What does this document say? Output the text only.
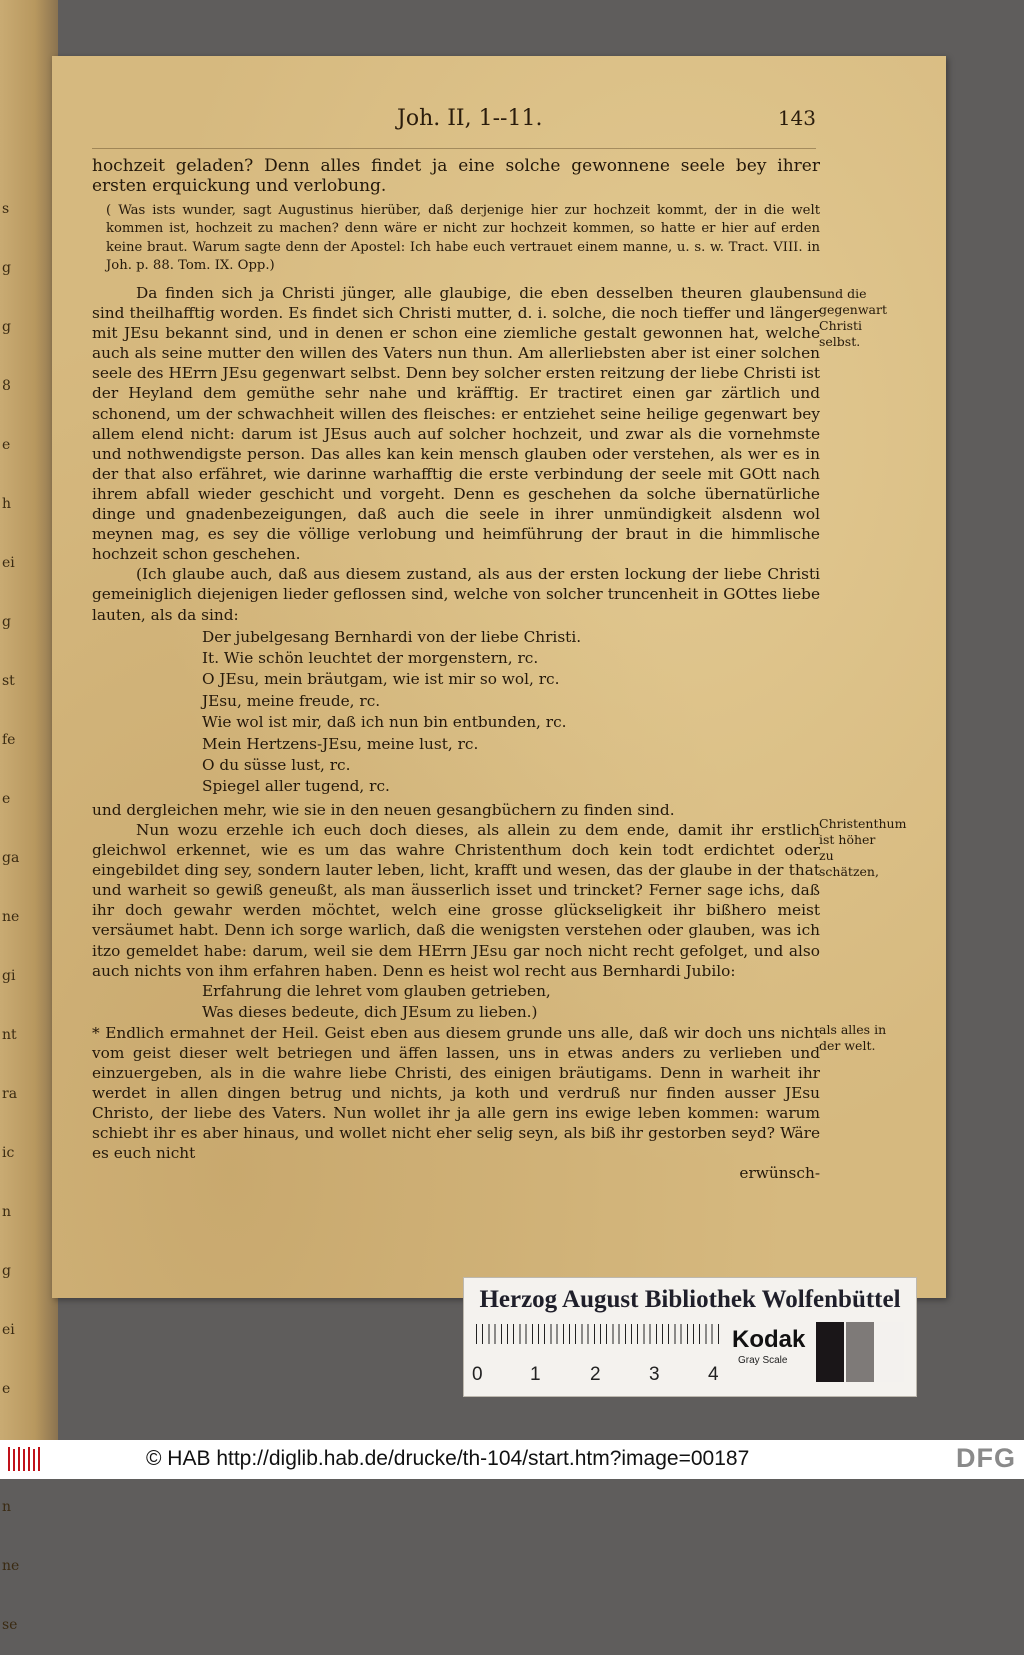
s
g
g
8
e
h
ei
g
st
fe
e
ga
ne
gi
nt
ra
ic
n
g
ei
e
n
ne
se
Joh. II, 1--11.	143

hochzeit geladen? Denn alles findet ja eine solche gewonnene seele bey ihrer ersten erquickung und verlobung.

( Was ists wunder, sagt Augustinus hierüber, daß derjenige hier zur hochzeit kommt, der in die welt kommen ist, hochzeit zu machen? denn wäre er nicht zur hochzeit kommen, so hatte er hier auf erden keine braut. Warum sagte denn der Apostel: Ich habe euch vertrauet einem manne, u. s. w. Tract. VIII. in Joh. p. 88. Tom. IX. Opp.)

Da finden sich ja Christi jünger, alle glaubige, die eben desselben theuren glaubens sind theilhafftig worden. Es findet sich Christi mutter, d. i. solche, die noch tieffer und länger mit JEsu bekannt sind, und in denen er schon eine ziemliche gestalt gewonnen hat, welche auch als seine mutter den willen des Vaters nun thun. Am allerliebsten aber ist einer solchen seele des HErrn JEsu gegenwart selbst. Denn bey solcher ersten reitzung der liebe Christi ist der Heyland dem gemüthe sehr nahe und kräfftig. Er tractiret einen gar zärtlich und schonend, um der schwachheit willen des fleisches: er entziehet seine heilige gegenwart bey allem elend nicht: darum ist JEsus auch auf solcher hochzeit, und zwar als die vornehmste und nothwendigste person. Das alles kan kein mensch glauben oder verstehen, als wer es in der that also erfähret, wie darinne warhafftig die erste verbindung der seele mit GOtt nach ihrem abfall wieder geschicht und vorgeht. Denn es geschehen da solche übernatürliche dinge und gnadenbezeigungen, daß auch die seele in ihrer unmündigkeit alsdenn wol meynen mag, es sey die völlige verlobung und heimführung der braut in die himmlische hochzeit schon geschehen.

(Ich glaube auch, daß aus diesem zustand, als aus der ersten lockung der liebe Christi gemeiniglich diejenigen lieder geflossen sind, welche von solcher truncenheit in GOttes liebe lauten, als da sind:

Der jubelgesang Bernhardi von der liebe Christi.
It. Wie schön leuchtet der morgenstern, rc.
O JEsu, mein bräutgam, wie ist mir so wol, rc.
JEsu, meine freude, rc.
Wie wol ist mir, daß ich nun bin entbunden, rc.
Mein Hertzens-JEsu, meine lust, rc.
O du süsse lust, rc.
Spiegel aller tugend, rc.

und dergleichen mehr, wie sie in den neuen gesangbüchern zu finden sind.

Nun wozu erzehle ich euch doch dieses, als allein zu dem ende, damit ihr erstlich gleichwol erkennet, wie es um das wahre Christenthum doch kein todt erdichtet oder eingebildet ding sey, sondern lauter leben, licht, krafft und wesen, das der glaube in der that und warheit so gewiß geneußt, als man äusserlich isset und trincket? Ferner sage ichs, daß ihr doch gewahr werden möchtet, welch eine grosse glückseligkeit ihr bißhero meist versäumet habt. Denn ich sorge warlich, daß die wenigsten verstehen oder glauben, was ich itzo gemeldet habe: darum, weil sie dem HErrn JEsu gar noch nicht recht gefolget, und also auch nichts von ihm erfahren haben. Denn es heist wol recht aus Bernhardi Jubilo:

Erfahrung die lehret vom glauben getrieben,
Was dieses bedeute, dich JEsum zu lieben.)

* Endlich ermahnet der Heil. Geist eben aus diesem grunde uns alle, daß wir doch uns nicht vom geist dieser welt betriegen und äffen lassen, uns in etwas anders zu verlieben und einzuergeben, als in die wahre liebe Christi, des einigen bräutigams. Denn in warheit ihr werdet in allen dingen betrug und nichts, ja koth und verdruß nur finden ausser JEsu Christo, der liebe des Vaters. Nun wollet ihr ja alle gern ins ewige leben kommen: warum schiebt ihr es aber hinaus, und wollet nicht eher selig seyn, als biß ihr gestorben seyd? Wäre es euch nicht

erwünsch-

und die gegenwart Christi selbst.
Christenthum ist höher zu schätzen,
als alles in der welt.
Herzog August Bibliothek Wolfenbüttel
0 1	2	3	4
Kodak
Gray Scale
© HAB http://diglib.hab.de/drucke/th-104/start.htm?image=00187	DFG
